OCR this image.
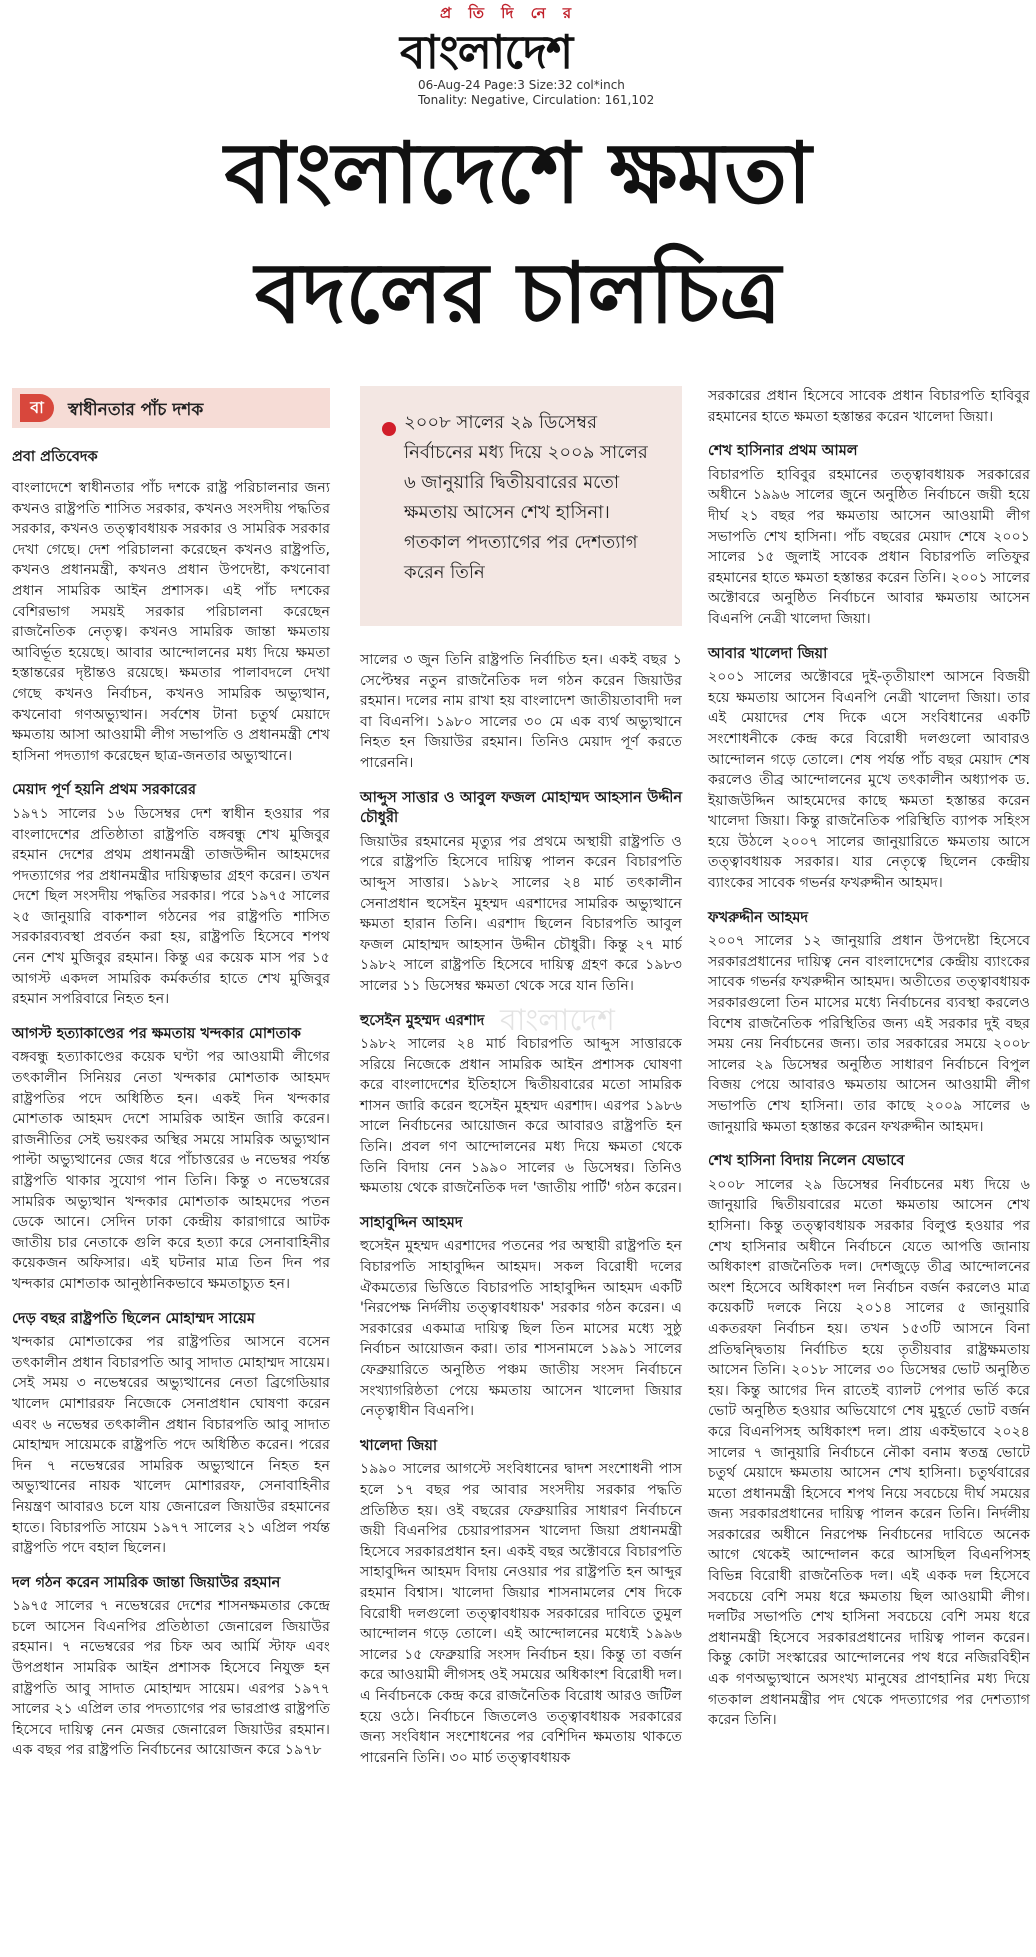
প্র তি দি নে র
বাংলাদেশ
06-Aug-24 Page:3 Size:32 col*inch
Tonality: Negative, Circulation: 161,102
বাংলাদেশে ক্ষমতা
বদলের চালচিত্র
বা	স্বাধীনতার পাঁচ দশক
প্রবা প্রতিবেদক

বাংলাদেশে স্বাধীনতার পাঁচ দশকে রাষ্ট্র পরিচালনার জন্য কখনও রাষ্ট্রপতি শাসিত সরকার, কখনও সংসদীয় পদ্ধতির সরকার, কখনও তত্ত্বাবধায়ক সরকার ও সামরিক সরকার দেখা গেছে। দেশ পরিচালনা করেছেন কখনও রাষ্ট্রপতি, কখনও প্রধানমন্ত্রী, কখনও প্রধান উপদেষ্টা, কখনোবা প্রধান সামরিক আইন প্রশাসক। এই পাঁচ দশকের বেশিরভাগ সময়ই সরকার পরিচালনা করেছেন রাজনৈতিক নেতৃত্ব। কখনও সামরিক জান্তা ক্ষমতায় আবির্ভূত হয়েছে। আবার আন্দোলনের মধ্য দিয়ে ক্ষমতা হস্তান্তরের দৃষ্টান্তও রয়েছে। ক্ষমতার পালাবদলে দেখা গেছে কখনও নির্বাচন, কখনও সামরিক অভ্যুত্থান, কখনোবা গণঅভ্যুত্থান। সর্বশেষ টানা চতুর্থ মেয়াদে ক্ষমতায় আসা আওয়ামী লীগ সভাপতি ও প্রধানমন্ত্রী শেখ হাসিনা পদত্যাগ করেছেন ছাত্র-জনতার অভ্যুত্থানে।

মেয়াদ পূর্ণ হয়নি প্রথম সরকারের

১৯৭১ সালের ১৬ ডিসেম্বর দেশ স্বাধীন হওয়ার পর বাংলাদেশের প্রতিষ্ঠাতা রাষ্ট্রপতি বঙ্গবন্ধু শেখ মুজিবুর রহমান দেশের প্রথম প্রধানমন্ত্রী তাজউদ্দীন আহমদের পদত্যাগের পর প্রধানমন্ত্রীর দায়িত্বভার গ্রহণ করেন। তখন দেশে ছিল সংসদীয় পদ্ধতির সরকার। পরে ১৯৭৫ সালের ২৫ জানুয়ারি বাকশাল গঠনের পর রাষ্ট্রপতি শাসিত সরকারব্যবস্থা প্রবর্তন করা হয়, রাষ্ট্রপতি হিসেবে শপথ নেন শেখ মুজিবুর রহমান। কিন্তু এর কয়েক মাস পর ১৫ আগস্ট একদল সামরিক কর্মকর্তার হাতে শেখ মুজিবুর রহমান সপরিবারে নিহত হন।

আগস্ট হত্যাকাণ্ডের পর ক্ষমতায় খন্দকার মোশতাক

বঙ্গবন্ধু হত্যাকাণ্ডের কয়েক ঘণ্টা পর আওয়ামী লীগের তৎকালীন সিনিয়র নেতা খন্দকার মোশতাক আহমদ রাষ্ট্রপতির পদে অধিষ্ঠিত হন। একই দিন খন্দকার মোশতাক আহমদ দেশে সামরিক আইন জারি করেন। রাজনীতির সেই ভয়ংকর অস্থির সময়ে সামরিক অভ্যুত্থান পাল্টা অভ্যুত্থানের জের ধরে পাঁচাত্তরের ৬ নভেম্বর পর্যন্ত রাষ্ট্রপতি থাকার সুযোগ পান তিনি। কিন্তু ৩ নভেম্বরের সামরিক অভ্যুত্থান খন্দকার মোশতাক আহমদের পতন ডেকে আনে। সেদিন ঢাকা কেন্দ্রীয় কারাগারে আটক জাতীয় চার নেতাকে গুলি করে হত্যা করে সেনাবাহিনীর কয়েকজন অফিসার। এই ঘটনার মাত্র তিন দিন পর খন্দকার মোশতাক আনুষ্ঠানিকভাবে ক্ষমতাচ্যুত হন।

দেড় বছর রাষ্ট্রপতি ছিলেন মোহাম্মদ সায়েম

খন্দকার মোশতাকের পর রাষ্ট্রপতির আসনে বসেন তৎকালীন প্রধান বিচারপতি আবু সাদাত মোহাম্মদ সায়েম। সেই সময় ৩ নভেম্বরের অভ্যুত্থানের নেতা ব্রিগেডিয়ার খালেদ মোশাররফ নিজেকে সেনাপ্রধান ঘোষণা করেন এবং ৬ নভেম্বর তৎকালীন প্রধান বিচারপতি আবু সাদাত মোহাম্মদ সায়েমকে রাষ্ট্রপতি পদে অধিষ্ঠিত করেন। পরের দিন ৭ নভেম্বরের সামরিক অভ্যুত্থানে নিহত হন অভ্যুত্থানের নায়ক খালেদ মোশাররফ, সেনাবাহিনীর নিয়ন্ত্রণ আবারও চলে যায় জেনারেল জিয়াউর রহমানের হাতে। বিচারপতি সায়েম ১৯৭৭ সালের ২১ এপ্রিল পর্যন্ত রাষ্ট্রপতি পদে বহাল ছিলেন।

দল গঠন করেন সামরিক জান্তা জিয়াউর রহমান

১৯৭৫ সালের ৭ নভেম্বরের দেশের শাসনক্ষমতার কেন্দ্রে চলে আসেন বিএনপির প্রতিষ্ঠাতা জেনারেল জিয়াউর রহমান। ৭ নভেম্বরের পর চিফ অব আর্মি স্টাফ এবং উপপ্রধান সামরিক আইন প্রশাসক হিসেবে নিযুক্ত হন রাষ্ট্রপতি আবু সাদাত মোহাম্মদ সায়েম। এরপর ১৯৭৭ সালের ২১ এপ্রিল তার পদত্যাগের পর ভারপ্রাপ্ত রাষ্ট্রপতি হিসেবে দায়িত্ব নেন মেজর জেনারেল জিয়াউর রহমান। এক বছর পর রাষ্ট্রপতি নির্বাচনের আয়োজন করে ১৯৭৮

২০০৮ সালের ২৯ ডিসেম্বর নির্বাচনের মধ্য দিয়ে ২০০৯ সালের ৬ জানুয়ারি দ্বিতীয়বারের মতো ক্ষমতায় আসেন শেখ হাসিনা। গতকাল পদত্যাগের পর দেশত্যাগ করেন তিনি

সালের ৩ জুন তিনি রাষ্ট্রপতি নির্বাচিত হন। একই বছর ১ সেপ্টেম্বর নতুন রাজনৈতিক দল গঠন করেন জিয়াউর রহমান। দলের নাম রাখা হয় বাংলাদেশ জাতীয়তাবাদী দল বা বিএনপি। ১৯৮০ সালের ৩০ মে এক ব্যর্থ অভ্যুত্থানে নিহত হন জিয়াউর রহমান। তিনিও মেয়াদ পূর্ণ করতে পারেননি।

আব্দুস সাত্তার ও আবুল ফজল মোহাম্মদ আহসান উদ্দীন চৌধুরী

জিয়াউর রহমানের মৃত্যুর পর প্রথমে অস্থায়ী রাষ্ট্রপতি ও পরে রাষ্ট্রপতি হিসেবে দায়িত্ব পালন করেন বিচারপতি আব্দুস সাত্তার। ১৯৮২ সালের ২৪ মার্চ তৎকালীন সেনাপ্রধান হুসেইন মুহম্মদ এরশাদের সামরিক অভ্যুত্থানে ক্ষমতা হারান তিনি। এরশাদ ছিলেন বিচারপতি আবুল ফজল মোহাম্মদ আহসান উদ্দীন চৌধুরী। কিন্তু ২৭ মার্চ ১৯৮২ সালে রাষ্ট্রপতি হিসেবে দায়িত্ব গ্রহণ করে ১৯৮৩ সালের ১১ ডিসেম্বর ক্ষমতা থেকে সরে যান তিনি।

হুসেইন মুহম্মদ এরশাদ

১৯৮২ সালের ২৪ মার্চ বিচারপতি আব্দুস সাত্তারকে সরিয়ে নিজেকে প্রধান সামরিক আইন প্রশাসক ঘোষণা করে বাংলাদেশের ইতিহাসে দ্বিতীয়বারের মতো সামরিক শাসন জারি করেন হুসেইন মুহম্মদ এরশাদ। এরপর ১৯৮৬ সালে নির্বাচনের আয়োজন করে আবারও রাষ্ট্রপতি হন তিনি। প্রবল গণ আন্দোলনের মধ্য দিয়ে ক্ষমতা থেকে তিনি বিদায় নেন ১৯৯০ সালের ৬ ডিসেম্বর। তিনিও ক্ষমতায় থেকে রাজনৈতিক দল 'জাতীয় পার্টি' গঠন করেন।

সাহাবুদ্দিন আহমদ

হুসেইন মুহম্মদ এরশাদের পতনের পর অস্থায়ী রাষ্ট্রপতি হন বিচারপতি সাহাবুদ্দিন আহমদ। সকল বিরোধী দলের ঐকমত্যের ভিত্তিতে বিচারপতি সাহাবুদ্দিন আহমদ একটি 'নিরপেক্ষ নির্দলীয় তত্ত্বাবধায়ক' সরকার গঠন করেন। এ সরকারের একমাত্র দায়িত্ব ছিল তিন মাসের মধ্যে সুষ্ঠু নির্বাচন আয়োজন করা। তার শাসনামলে ১৯৯১ সালের ফেব্রুয়ারিতে অনুষ্ঠিত পঞ্চম জাতীয় সংসদ নির্বাচনে সংখ্যাগরিষ্ঠতা পেয়ে ক্ষমতায় আসেন খালেদা জিয়ার নেতৃত্বাধীন বিএনপি।

খালেদা জিয়া

১৯৯০ সালের আগস্টে সংবিধানের দ্বাদশ সংশোধনী পাস হলে ১৭ বছর পর আবার সংসদীয় সরকার পদ্ধতি প্রতিষ্ঠিত হয়। ওই বছরের ফেব্রুয়ারির সাধারণ নির্বাচনে জয়ী বিএনপির চেয়ারপারসন খালেদা জিয়া প্রধানমন্ত্রী হিসেবে সরকারপ্রধান হন। একই বছর অক্টোবরে বিচারপতি সাহাবুদ্দিন আহমদ বিদায় নেওয়ার পর রাষ্ট্রপতি হন আব্দুর রহমান বিশ্বাস। খালেদা জিয়ার শাসনামলের শেষ দিকে বিরোধী দলগুলো তত্ত্বাবধায়ক সরকারের দাবিতে তুমুল আন্দোলন গড়ে তোলে। এই আন্দোলনের মধ্যেই ১৯৯৬ সালের ১৫ ফেব্রুয়ারি সংসদ নির্বাচন হয়। কিন্তু তা বর্জন করে আওয়ামী লীগসহ ওই সময়ের অধিকাংশ বিরোধী দল। এ নির্বাচনকে কেন্দ্র করে রাজনৈতিক বিরোধ আরও জটিল হয়ে ওঠে। নির্বাচনে জিতলেও তত্ত্বাবধায়ক সরকারের জন্য সংবিধান সংশোধনের পর বেশিদিন ক্ষমতায় থাকতে পারেননি তিনি। ৩০ মার্চ তত্ত্বাবধায়ক

সরকারের প্রধান হিসেবে সাবেক প্রধান বিচারপতি হাবিবুর রহমানের হাতে ক্ষমতা হস্তান্তর করেন খালেদা জিয়া।

শেখ হাসিনার প্রথম আমল

বিচারপতি হাবিবুর রহমানের তত্ত্বাবধায়ক সরকারের অধীনে ১৯৯৬ সালের জুনে অনুষ্ঠিত নির্বাচনে জয়ী হয়ে দীর্ঘ ২১ বছর পর ক্ষমতায় আসেন আওয়ামী লীগ সভাপতি শেখ হাসিনা। পাঁচ বছরের মেয়াদ শেষে ২০০১ সালের ১৫ জুলাই সাবেক প্রধান বিচারপতি লতিফুর রহমানের হাতে ক্ষমতা হস্তান্তর করেন তিনি। ২০০১ সালের অক্টোবরে অনুষ্ঠিত নির্বাচনে আবার ক্ষমতায় আসেন বিএনপি নেত্রী খালেদা জিয়া।

আবার খালেদা জিয়া

২০০১ সালের অক্টোবরে দুই-তৃতীয়াংশ আসনে বিজয়ী হয়ে ক্ষমতায় আসেন বিএনপি নেত্রী খালেদা জিয়া। তার এই মেয়াদের শেষ দিকে এসে সংবিধানের একটি সংশোধনীকে কেন্দ্র করে বিরোধী দলগুলো আবারও আন্দোলন গড়ে তোলে। শেষ পর্যন্ত পাঁচ বছর মেয়াদ শেষ করলেও তীব্র আন্দোলনের মুখে তৎকালীন অধ্যাপক ড. ইয়াজউদ্দিন আহমেদের কাছে ক্ষমতা হস্তান্তর করেন খালেদা জিয়া। কিন্তু রাজনৈতিক পরিস্থিতি ব্যাপক সহিংস হয়ে উঠলে ২০০৭ সালের জানুয়ারিতে ক্ষমতায় আসে তত্ত্বাবধায়ক সরকার। যার নেতৃত্বে ছিলেন কেন্দ্রীয় ব্যাংকের সাবেক গভর্নর ফখরুদ্দীন আহমদ।

ফখরুদ্দীন আহমদ

২০০৭ সালের ১২ জানুয়ারি প্রধান উপদেষ্টা হিসেবে সরকারপ্রধানের দায়িত্ব নেন বাংলাদেশের কেন্দ্রীয় ব্যাংকের সাবেক গভর্নর ফখরুদ্দীন আহমদ। অতীতের তত্ত্বাবধায়ক সরকারগুলো তিন মাসের মধ্যে নির্বাচনের ব্যবস্থা করলেও বিশেষ রাজনৈতিক পরিস্থিতির জন্য এই সরকার দুই বছর সময় নেয় নির্বাচনের জন্য। তার সরকারের সময়ে ২০০৮ সালের ২৯ ডিসেম্বর অনুষ্ঠিত সাধারণ নির্বাচনে বিপুল বিজয় পেয়ে আবারও ক্ষমতায় আসেন আওয়ামী লীগ সভাপতি শেখ হাসিনা। তার কাছে ২০০৯ সালের ৬ জানুয়ারি ক্ষমতা হস্তান্তর করেন ফখরুদ্দীন আহমদ।

শেখ হাসিনা বিদায় নিলেন যেভাবে

২০০৮ সালের ২৯ ডিসেম্বর নির্বাচনের মধ্য দিয়ে ৬ জানুয়ারি দ্বিতীয়বারের মতো ক্ষমতায় আসেন শেখ হাসিনা। কিন্তু তত্ত্বাবধায়ক সরকার বিলুপ্ত হওয়ার পর শেখ হাসিনার অধীনে নির্বাচনে যেতে আপত্তি জানায় অধিকাংশ রাজনৈতিক দল। দেশজুড়ে তীব্র আন্দোলনের অংশ হিসেবে অধিকাংশ দল নির্বাচন বর্জন করলেও মাত্র কয়েকটি দলকে নিয়ে ২০১৪ সালের ৫ জানুয়ারি একতরফা নির্বাচন হয়। তখন ১৫৩টি আসনে বিনা প্রতিদ্বন্দ্বিতায় নির্বাচিত হয়ে তৃতীয়বার রাষ্ট্রক্ষমতায় আসেন তিনি। ২০১৮ সালের ৩০ ডিসেম্বর ভোট অনুষ্ঠিত হয়। কিন্তু আগের দিন রাতেই ব্যালট পেপার ভর্তি করে ভোট অনুষ্ঠিত হওয়ার অভিযোগে শেষ মুহূর্তে ভোট বর্জন করে বিএনপিসহ অধিকাংশ দল। প্রায় একইভাবে ২০২৪ সালের ৭ জানুয়ারি নির্বাচনে নৌকা বনাম স্বতন্ত্র ভোটে চতুর্থ মেয়াদে ক্ষমতায় আসেন শেখ হাসিনা। চতুর্থবারের মতো প্রধানমন্ত্রী হিসেবে শপথ নিয়ে সবচেয়ে দীর্ঘ সময়ের জন্য সরকারপ্রধানের দায়িত্ব পালন করেন তিনি। নির্দলীয় সরকারের অধীনে নিরপেক্ষ নির্বাচনের দাবিতে অনেক আগে থেকেই আন্দোলন করে আসছিল বিএনপিসহ বিভিন্ন বিরোধী রাজনৈতিক দল। এই একক দল হিসেবে সবচেয়ে বেশি সময় ধরে ক্ষমতায় ছিল আওয়ামী লীগ। দলটির সভাপতি শেখ হাসিনা সবচেয়ে বেশি সময় ধরে প্রধানমন্ত্রী হিসেবে সরকারপ্রধানের দায়িত্ব পালন করেন। কিন্তু কোটা সংস্কারের আন্দোলনের পথ ধরে নজিরবিহীন এক গণঅভ্যুত্থানে অসংখ্য মানুষের প্রাণহানির মধ্য দিয়ে গতকাল প্রধানমন্ত্রীর পদ থেকে পদত্যাগের পর দেশত্যাগ করেন তিনি।

বাংলাদেশ
